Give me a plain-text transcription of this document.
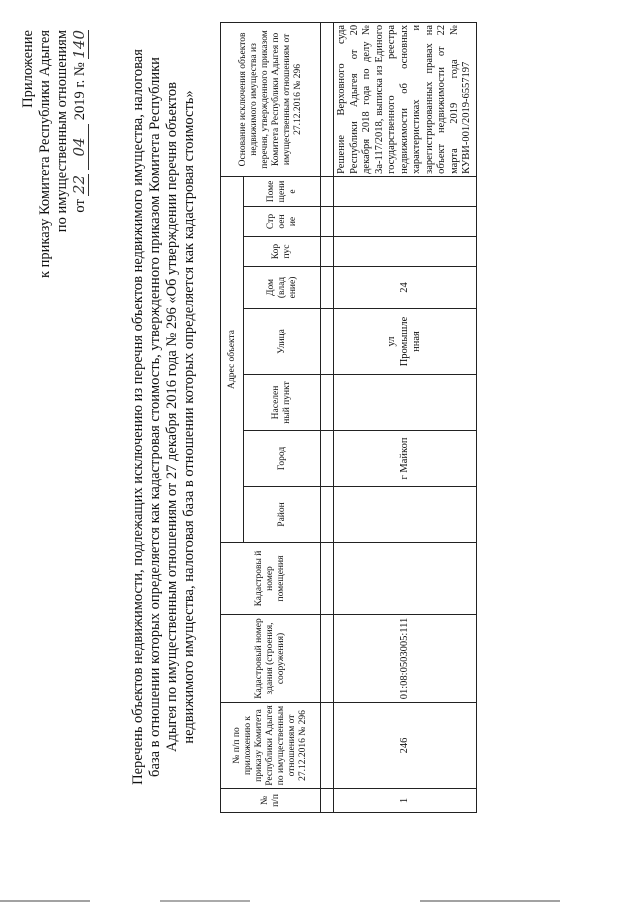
Приложение к приказу Комитета Республики Адыгея по имущественным отношениям от 22 04 2019 г. № 140
Перечень объектов недвижимости, подлежащих исключению из перечня объектов недвижимого имущества, налоговая база в отношении которых определяется как кадастровая стоимость, утвержденного приказом Комитета Республики Адыгея по имущественным отношениям от 27 декабря 2016 года № 296 «Об утверждении перечня объектов недвижимого имущества, налоговая база в отношении которых определяется как кадастровая стоимость»
№ п/п	№ п/п по приложению к приказу Комитета Республики Адыгея по имущественным отношениям от 27.12.2016 № 296	Кадастровый номер здания (строения, сооружения)	Кадастровы й номер помещения	Адрес объекта								Основание исключения объектов недвижимого имущества из перечня, утвержденного приказом Комитета Республики Адыгея по имущественным отношениям от 27.12.2016 № 296
				Район	Город	Населен ный пункт	Улица	Дом (влад ение)	Кор пус	Стр оен ие	Поме щени е	

1	246	01:08:0503005:111			г Майкоп		ул Промышле нная	24				Решение Верховного суда Республики Адыгея от 20 декабря 2018 года по делу № 3а-117/2018, выписка из Единого государственного реестра недвижимости об основных характеристиках и зарегистрированных правах на объект недвижимости от 22 марта 2019 года № КУВИ-001/2019-6557197
